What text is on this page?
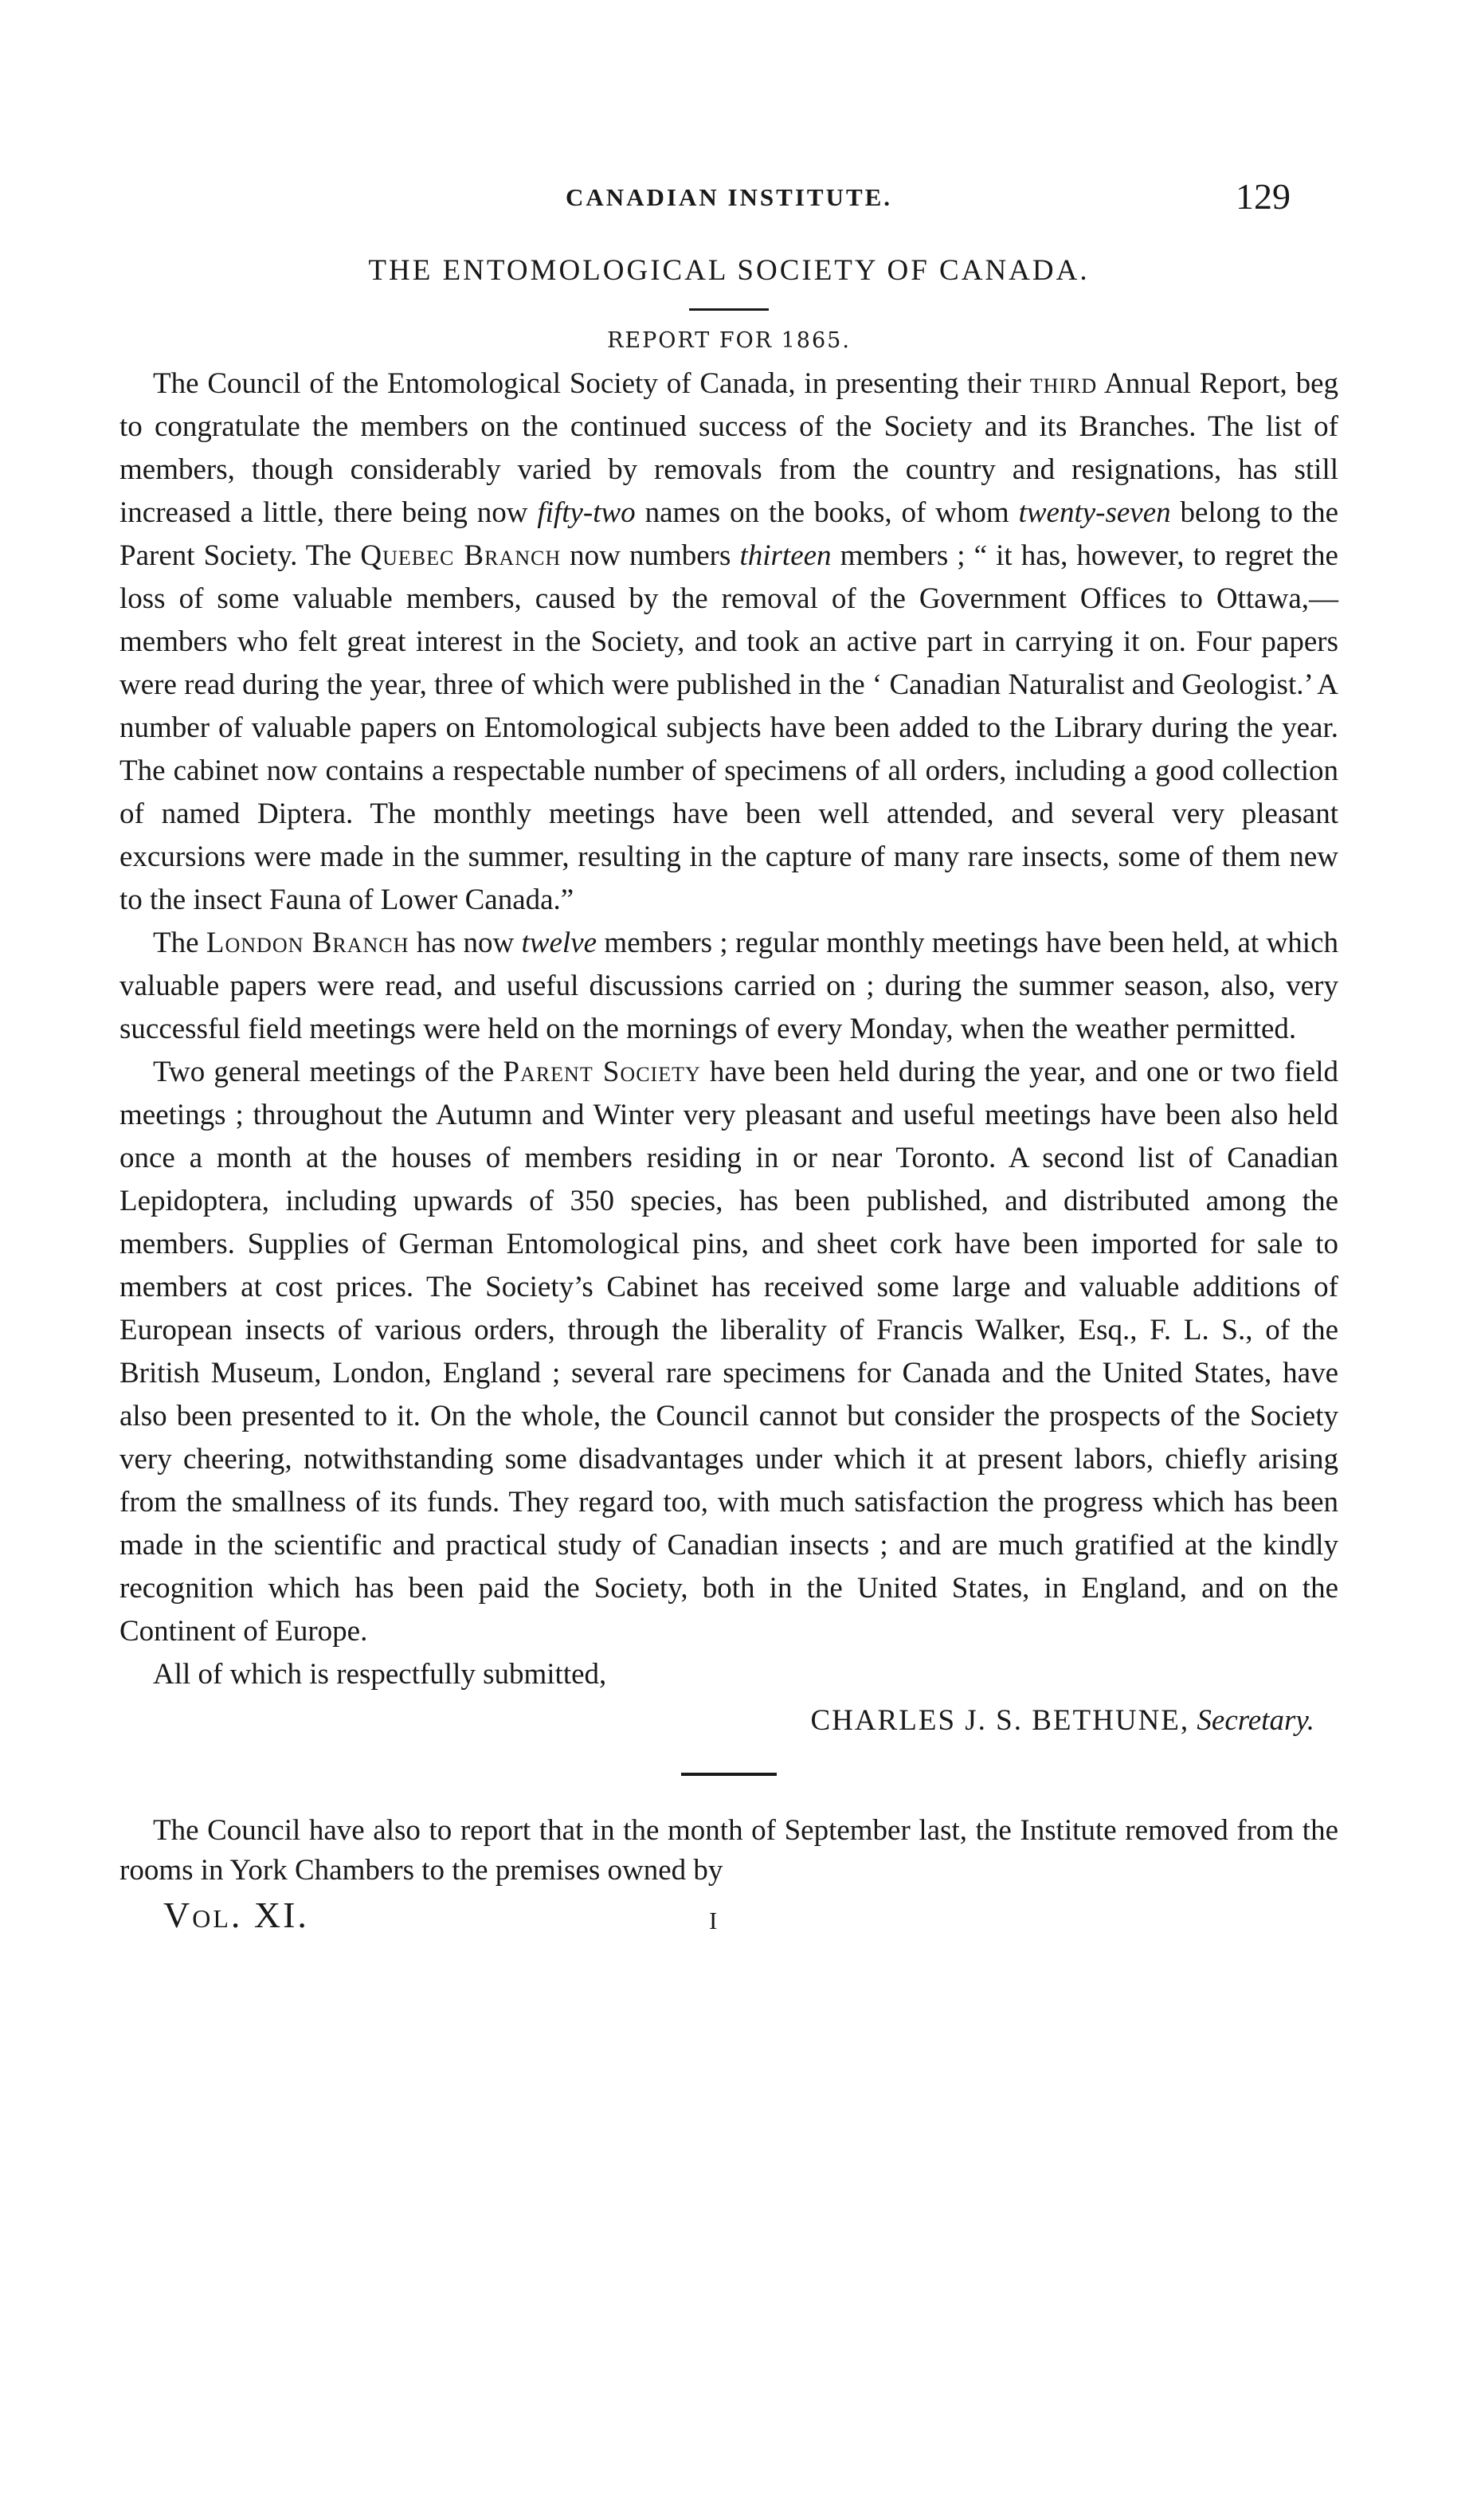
CANADIAN INSTITUTE.	129
THE ENTOMOLOGICAL SOCIETY OF CANADA.
REPORT FOR 1865.

The Council of the Entomological Society of Canada, in presenting their third Annual Report, beg to congratulate the members on the continued success of the Society and its Branches. The list of members, though considerably varied by removals from the country and resignations, has still increased a little, there being now fifty-two names on the books, of whom twenty-seven belong to the Parent Society. The Quebec Branch now numbers thirteen members ; “ it has, however, to regret the loss of some valuable members, caused by the removal of the Government Offices to Ottawa,—members who felt great interest in the Society, and took an active part in carrying it on. Four papers were read during the year, three of which were published in the ‘ Canadian Naturalist and Geologist.’ A number of valuable papers on Entomological subjects have been added to the Library during the year. The cabinet now contains a respectable number of specimens of all orders, including a good collection of named Diptera. The monthly meetings have been well attended, and several very pleasant excursions were made in the summer, resulting in the capture of many rare insects, some of them new to the insect Fauna of Lower Canada.”

The London Branch has now twelve members ; regular monthly meetings have been held, at which valuable papers were read, and useful discussions carried on ; during the summer season, also, very successful field meetings were held on the mornings of every Monday, when the weather permitted.

Two general meetings of the Parent Society have been held during the year, and one or two field meetings ; throughout the Autumn and Winter very pleasant and useful meetings have been also held once a month at the houses of members residing in or near Toronto. A second list of Canadian Lepidoptera, including upwards of 350 species, has been published, and distributed among the members. Supplies of German Entomological pins, and sheet cork have been imported for sale to members at cost prices. The Society’s Cabinet has received some large and valuable additions of European insects of various orders, through the liberality of Francis Walker, Esq., F. L. S., of the British Museum, London, England ; several rare specimens for Canada and the United States, have also been presented to it. On the whole, the Council cannot but consider the prospects of the Society very cheering, notwithstanding some disadvantages under which it at present labors, chiefly arising from the smallness of its funds. They regard too, with much satisfaction the progress which has been made in the scientific and practical study of Canadian insects ; and are much gratified at the kindly recognition which has been paid the Society, both in the United States, in England, and on the Continent of Europe.

All of which is respectfully submitted,

CHARLES J. S. BETHUNE, Secretary.

The Council have also to report that in the month of September last, the Institute removed from the rooms in York Chambers to the premises owned by

Vol. XI.	I
